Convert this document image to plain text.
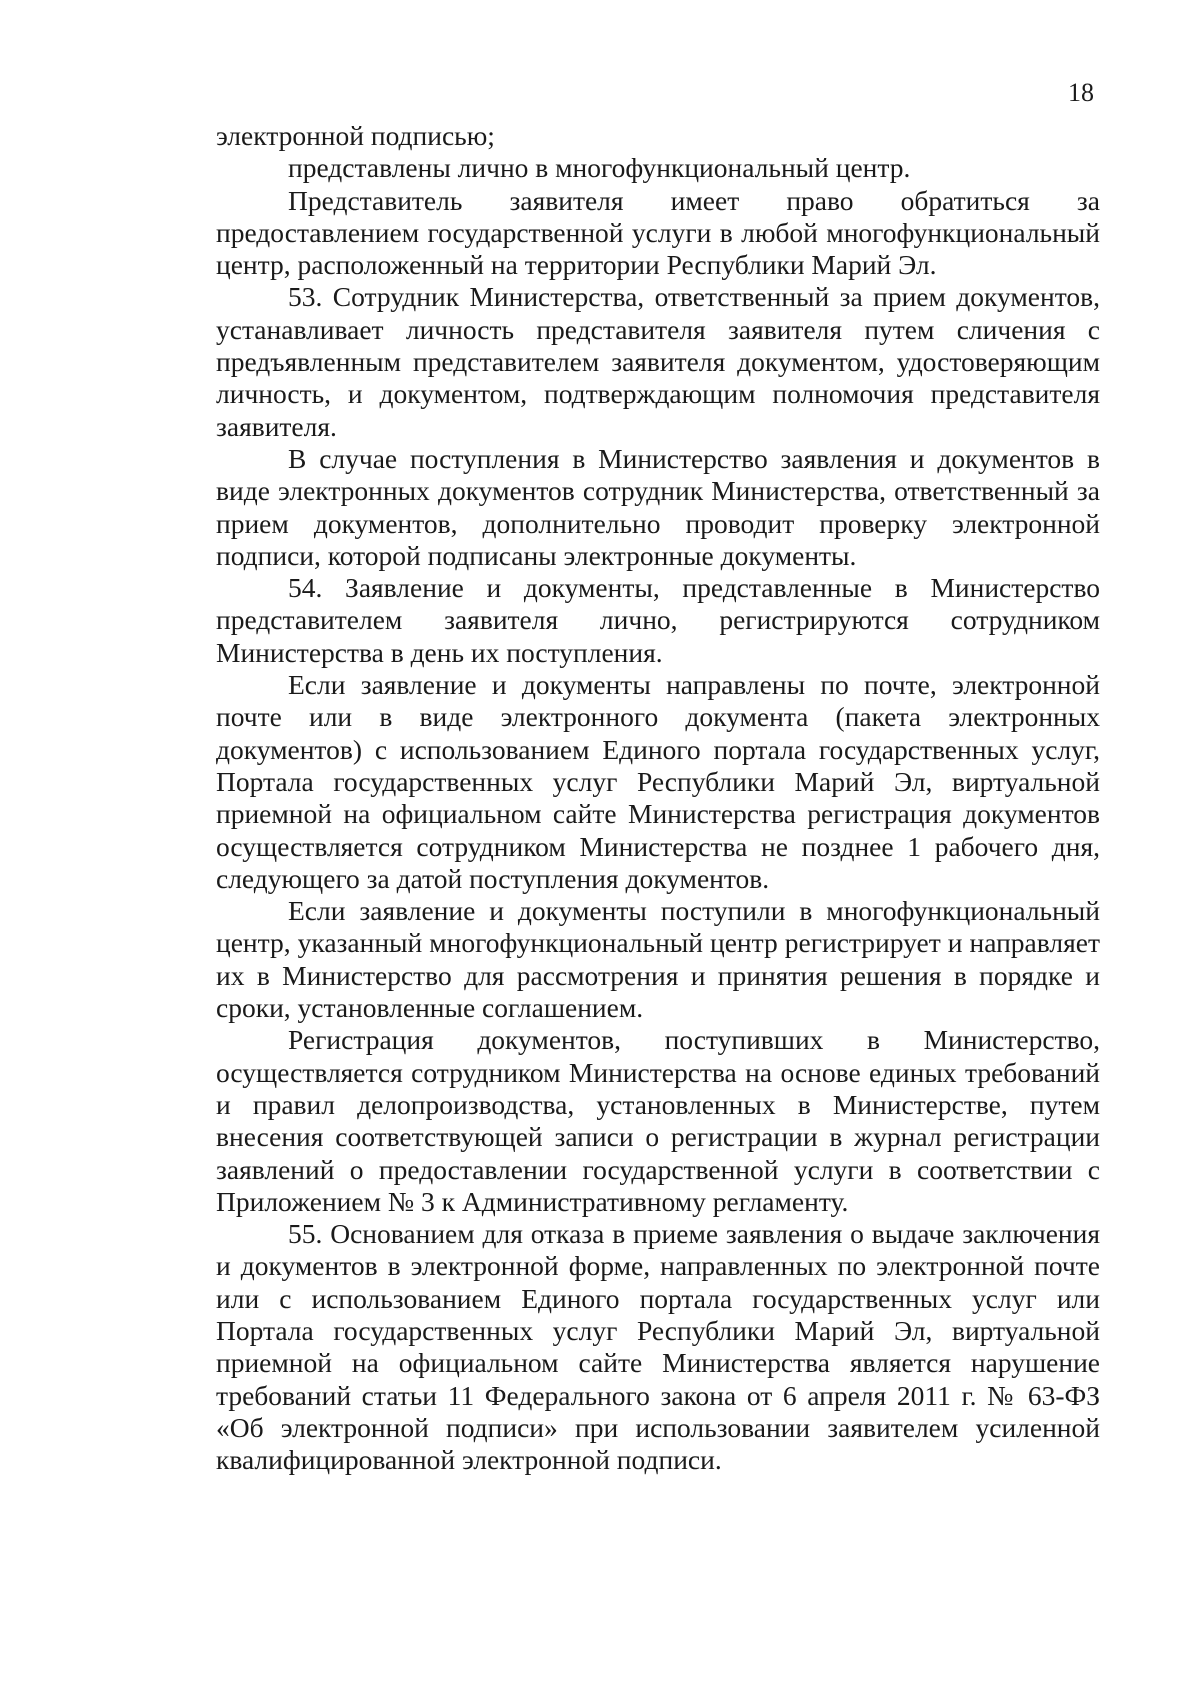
18

электронной подписью;

представлены лично в многофункциональный центр.

Представитель заявителя имеет право обратиться за предоставлением государственной услуги в любой многофункциональный центр, расположенный на территории Республики Марий Эл.

53. Сотрудник Министерства, ответственный за прием документов, устанавливает личность представителя заявителя путем сличения с предъявленным представителем заявителя документом, удостоверяющим личность, и документом, подтверждающим полномочия представителя заявителя.

В случае поступления в Министерство заявления и документов в виде электронных документов сотрудник Министерства, ответственный за прием документов, дополнительно проводит проверку электронной подписи, которой подписаны электронные документы.

54. Заявление и документы, представленные в Министерство представителем заявителя лично, регистрируются сотрудником Министерства в день их поступления.

Если заявление и документы направлены по почте, электронной почте или в виде электронного документа (пакета электронных документов) с использованием Единого портала государственных услуг, Портала государственных услуг Республики Марий Эл, виртуальной приемной на официальном сайте Министерства регистрация документов осуществляется сотрудником Министерства не позднее 1 рабочего дня, следующего за датой поступления документов.

Если заявление и документы поступили в многофункциональный центр, указанный многофункциональный центр регистрирует и направляет их в Министерство для рассмотрения и принятия решения в порядке и сроки, установленные соглашением.

Регистрация документов, поступивших в Министерство, осуществляется сотрудником Министерства на основе единых требований и правил делопроизводства, установленных в Министерстве, путем внесения соответствующей записи о регистрации в журнал регистрации заявлений о предоставлении государственной услуги в соответствии с Приложением № 3 к Административному регламенту.

55. Основанием для отказа в приеме заявления о выдаче заключения и документов в электронной форме, направленных по электронной почте или с использованием Единого портала государственных услуг или Портала государственных услуг Республики Марий Эл, виртуальной приемной на официальном сайте Министерства является нарушение требований статьи 11 Федерального закона от 6 апреля 2011 г. № 63-ФЗ «Об электронной подписи» при использовании заявителем усиленной квалифицированной электронной подписи.
